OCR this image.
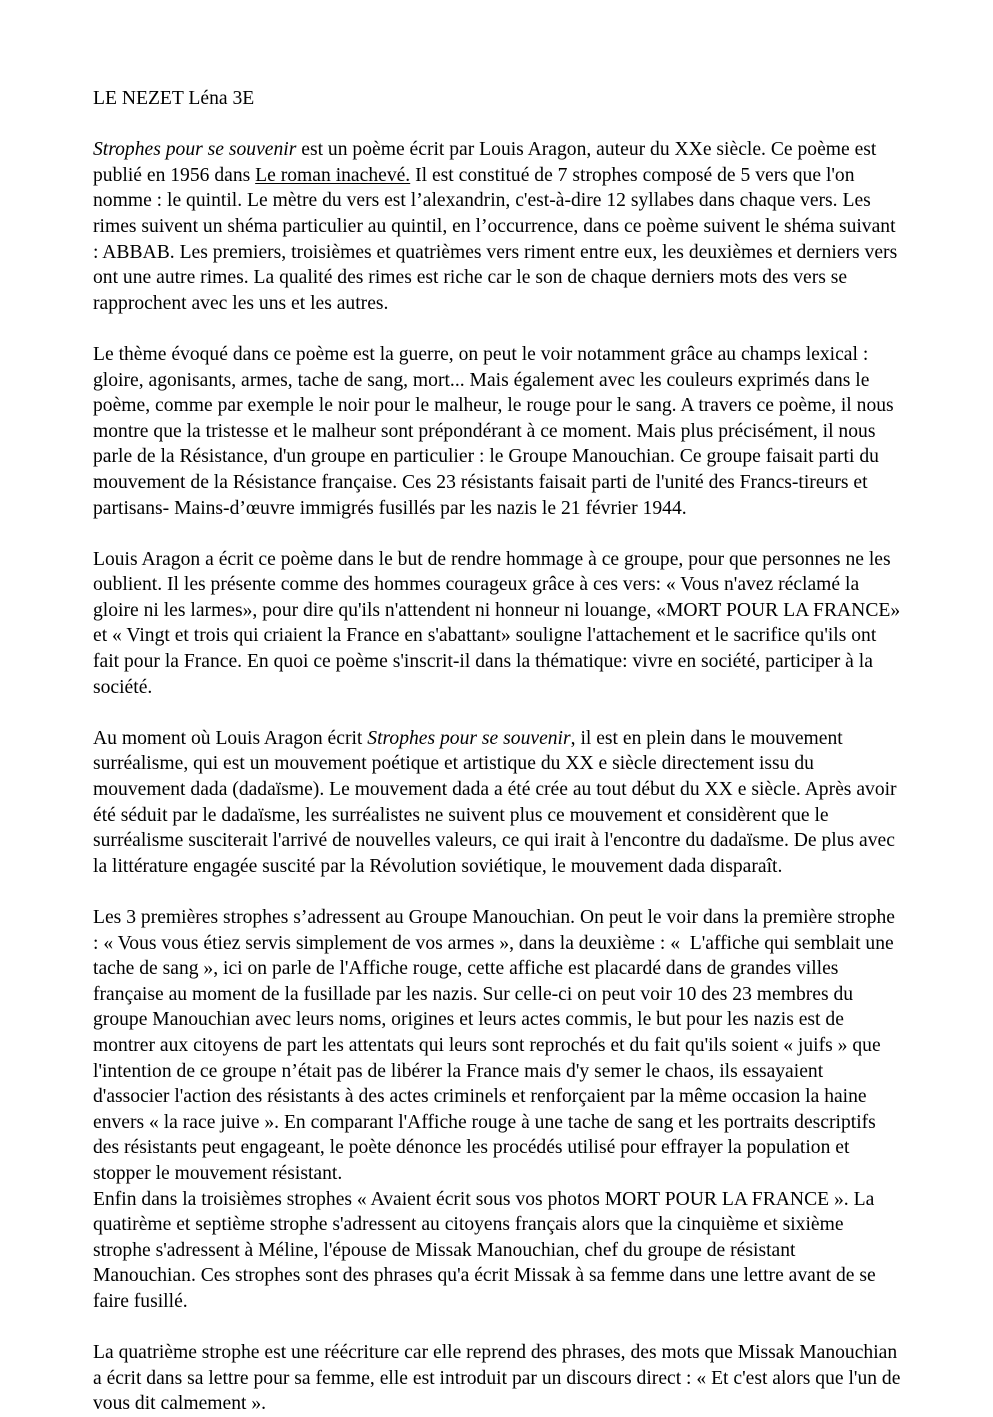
LE NEZET Léna 3E

Strophes pour se souvenir est un poème écrit par Louis Aragon, auteur du XXe siècle. Ce poème est publié en 1956 dans Le roman inachevé. Il est constitué de 7 strophes composé de 5 vers que l'on nomme : le quintil. Le mètre du vers est l’alexandrin, c'est-à-dire 12 syllabes dans chaque vers. Les rimes suivent un shéma particulier au quintil, en l’occurrence, dans ce poème suivent le shéma suivant : ABBAB. Les premiers, troisièmes et quatrièmes vers riment entre eux, les deuxièmes et derniers vers ont une autre rimes. La qualité des rimes est riche car le son de chaque derniers mots des vers se rapprochent avec les uns et les autres.

Le thème évoqué dans ce poème est la guerre, on peut le voir notamment grâce au champs lexical : gloire, agonisants, armes, tache de sang, mort... Mais également avec les couleurs exprimés dans le poème, comme par exemple le noir pour le malheur, le rouge pour le sang. A travers ce poème, il nous montre que la tristesse et le malheur sont prépondérant à ce moment. Mais plus précisément, il nous parle de la Résistance, d'un groupe en particulier : le Groupe Manouchian. Ce groupe faisait parti du mouvement de la Résistance française. Ces 23 résistants faisait parti de l'unité des Francs-tireurs et partisans- Mains-d’œuvre immigrés fusillés par les nazis le 21 février 1944.

Louis Aragon a écrit ce poème dans le but de rendre hommage à ce groupe, pour que personnes ne les oublient. Il les présente comme des hommes courageux grâce à ces vers: « Vous n'avez réclamé la gloire ni les larmes», pour dire qu'ils n'attendent ni honneur ni louange, «MORT POUR LA FRANCE» et « Vingt et trois qui criaient la France en s'abattant» souligne l'attachement et le sacrifice qu'ils ont fait pour la France. En quoi ce poème s'inscrit-il dans la thématique: vivre en société, participer à la société.

Au moment où Louis Aragon écrit Strophes pour se souvenir, il est en plein dans le mouvement surréalisme, qui est un mouvement poétique et artistique du XX e siècle directement issu du mouvement dada (dadaïsme). Le mouvement dada a été crée au tout début du XX e siècle. Après avoir été séduit par le dadaïsme, les surréalistes ne suivent plus ce mouvement et considèrent que le surréalisme susciterait l'arrivé de nouvelles valeurs, ce qui irait à l'encontre du dadaïsme. De plus avec la littérature engagée suscité par la Révolution soviétique, le mouvement dada disparaît.

Les 3 premières strophes s’adressent au Groupe Manouchian. On peut le voir dans la première strophe : « Vous vous étiez servis simplement de vos armes », dans la deuxième : «  L'affiche qui semblait une tache de sang », ici on parle de l'Affiche rouge, cette affiche est placardé dans de grandes villes française au moment de la fusillade par les nazis. Sur celle-ci on peut voir 10 des 23 membres du groupe Manouchian avec leurs noms, origines et leurs actes commis, le but pour les nazis est de montrer aux citoyens de part les attentats qui leurs sont reprochés et du fait qu'ils soient « juifs » que l'intention de ce groupe n’était pas de libérer la France mais d'y semer le chaos, ils essayaient d'associer l'action des résistants à des actes criminels et renforçaient par la même occasion la haine envers « la race juive ». En comparant l'Affiche rouge à une tache de sang et les portraits descriptifs des résistants peut engageant, le poète dénonce les procédés utilisé pour effrayer la population et stopper le mouvement résistant.

Enfin dans la troisièmes strophes « Avaient écrit sous vos photos MORT POUR LA FRANCE ». La quatirème et septième strophe s'adressent au citoyens français alors que la cinquième et sixième strophe s'adressent à Méline, l'épouse de Missak Manouchian, chef du groupe de résistant Manouchian. Ces strophes sont des phrases qu'a écrit Missak à sa femme dans une lettre avant de se faire fusillé.

La quatrième strophe est une réécriture car elle reprend des phrases, des mots que Missak Manouchian a écrit dans sa lettre pour sa femme, elle est introduit par un discours direct : « Et c'est alors que l'un de vous dit calmement ».
